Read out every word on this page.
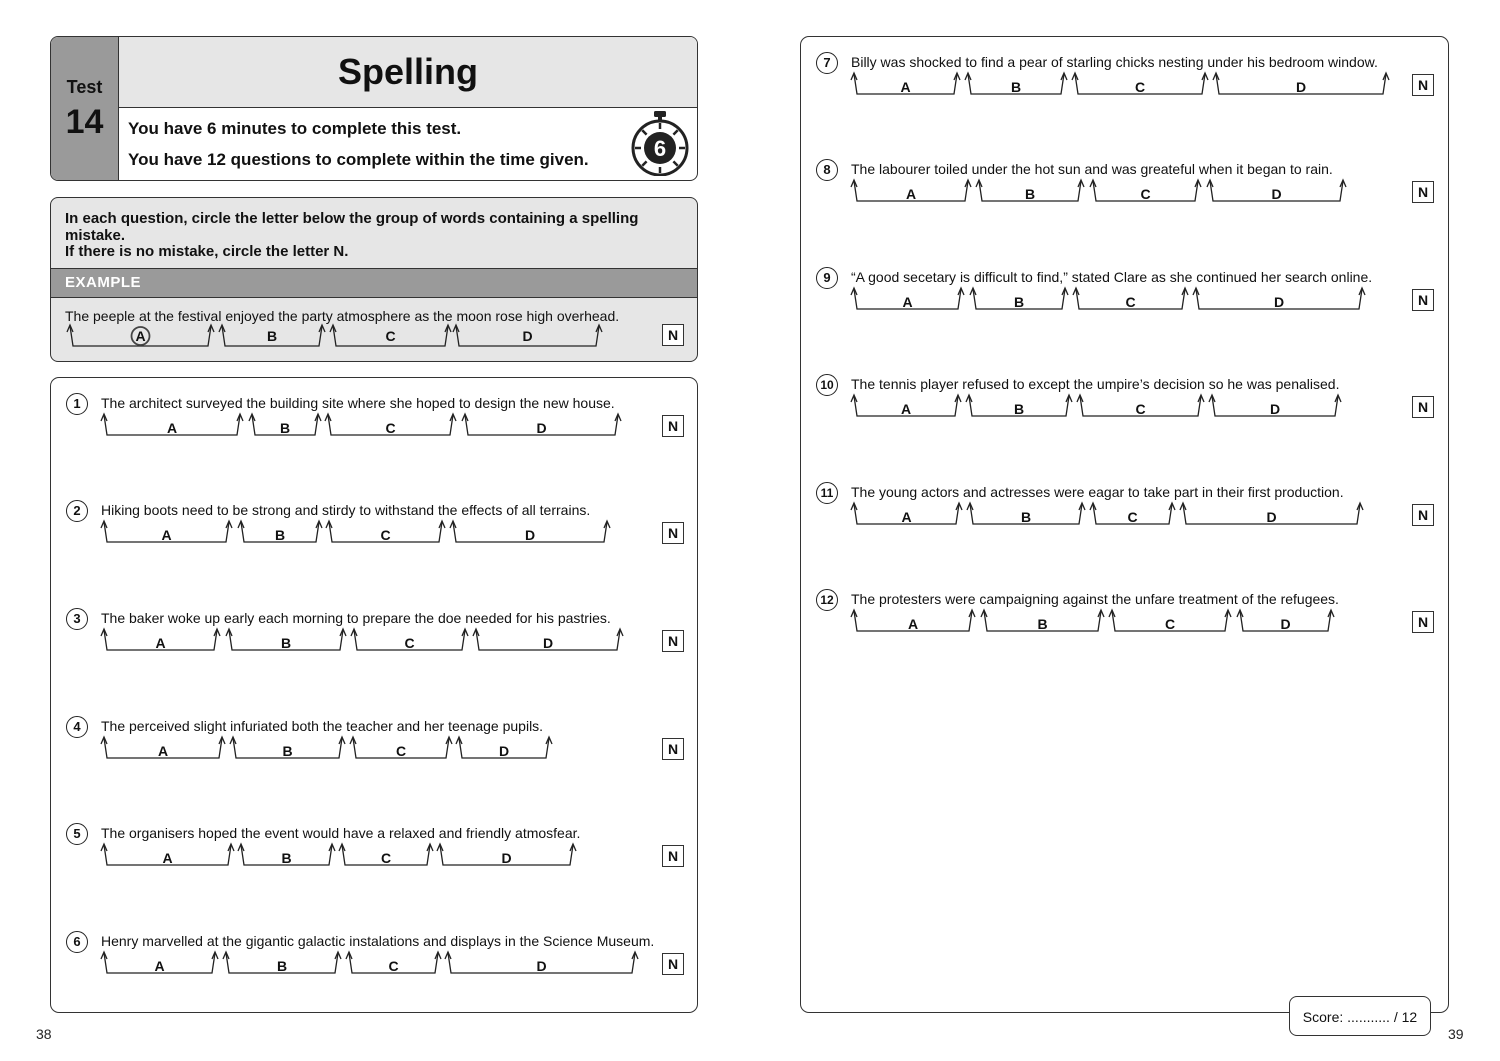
Test
14
Spelling
You have 6 minutes to complete this test.
You have 12 questions to complete within the time given.	6
In each question, circle the letter below the group of words containing a spelling mistake.
If there is no mistake, circle the letter N.
EXAMPLE
The peeple at the festival enjoyed the party atmosphere as the moon rose high overhead.
A	B	C	D	N
1	The architect surveyed the building site where she hoped to design the new house.
A	B	C	D	N
2	Hiking boots need to be strong and stirdy to withstand the effects of all terrains.
A	B	C	D	N
3	The baker woke up early each morning to prepare the doe needed for his pastries.
A	B	C	D	N
4	The perceived slight infuriated both the teacher and her teenage pupils.
A	B	C	D	N
5	The organisers hoped the event would have a relaxed and friendly atmosfear.
A	B	C	D	N
6	Henry marvelled at the gigantic galactic instalations and displays in the Science Museum.
A	B	C	D	N
7	Billy was shocked to find a pear of starling chicks nesting under his bedroom window.
A	B	C	D	N
8	The labourer toiled under the hot sun and was greateful when it began to rain.
A	B	C	D	N
9	“A good secetary is difficult to find,” stated Clare as she continued her search online.
A	B	C	D	N
10	The tennis player refused to except the umpire’s decision so he was penalised.
A	B	C	D	N
11	The young actors and actresses were eagar to take part in their first production.
A	B	C	D	N
12	The protesters were campaigning against the unfare treatment of the refugees.
A	B	C	D	N
38	39
Score: ........... / 12
